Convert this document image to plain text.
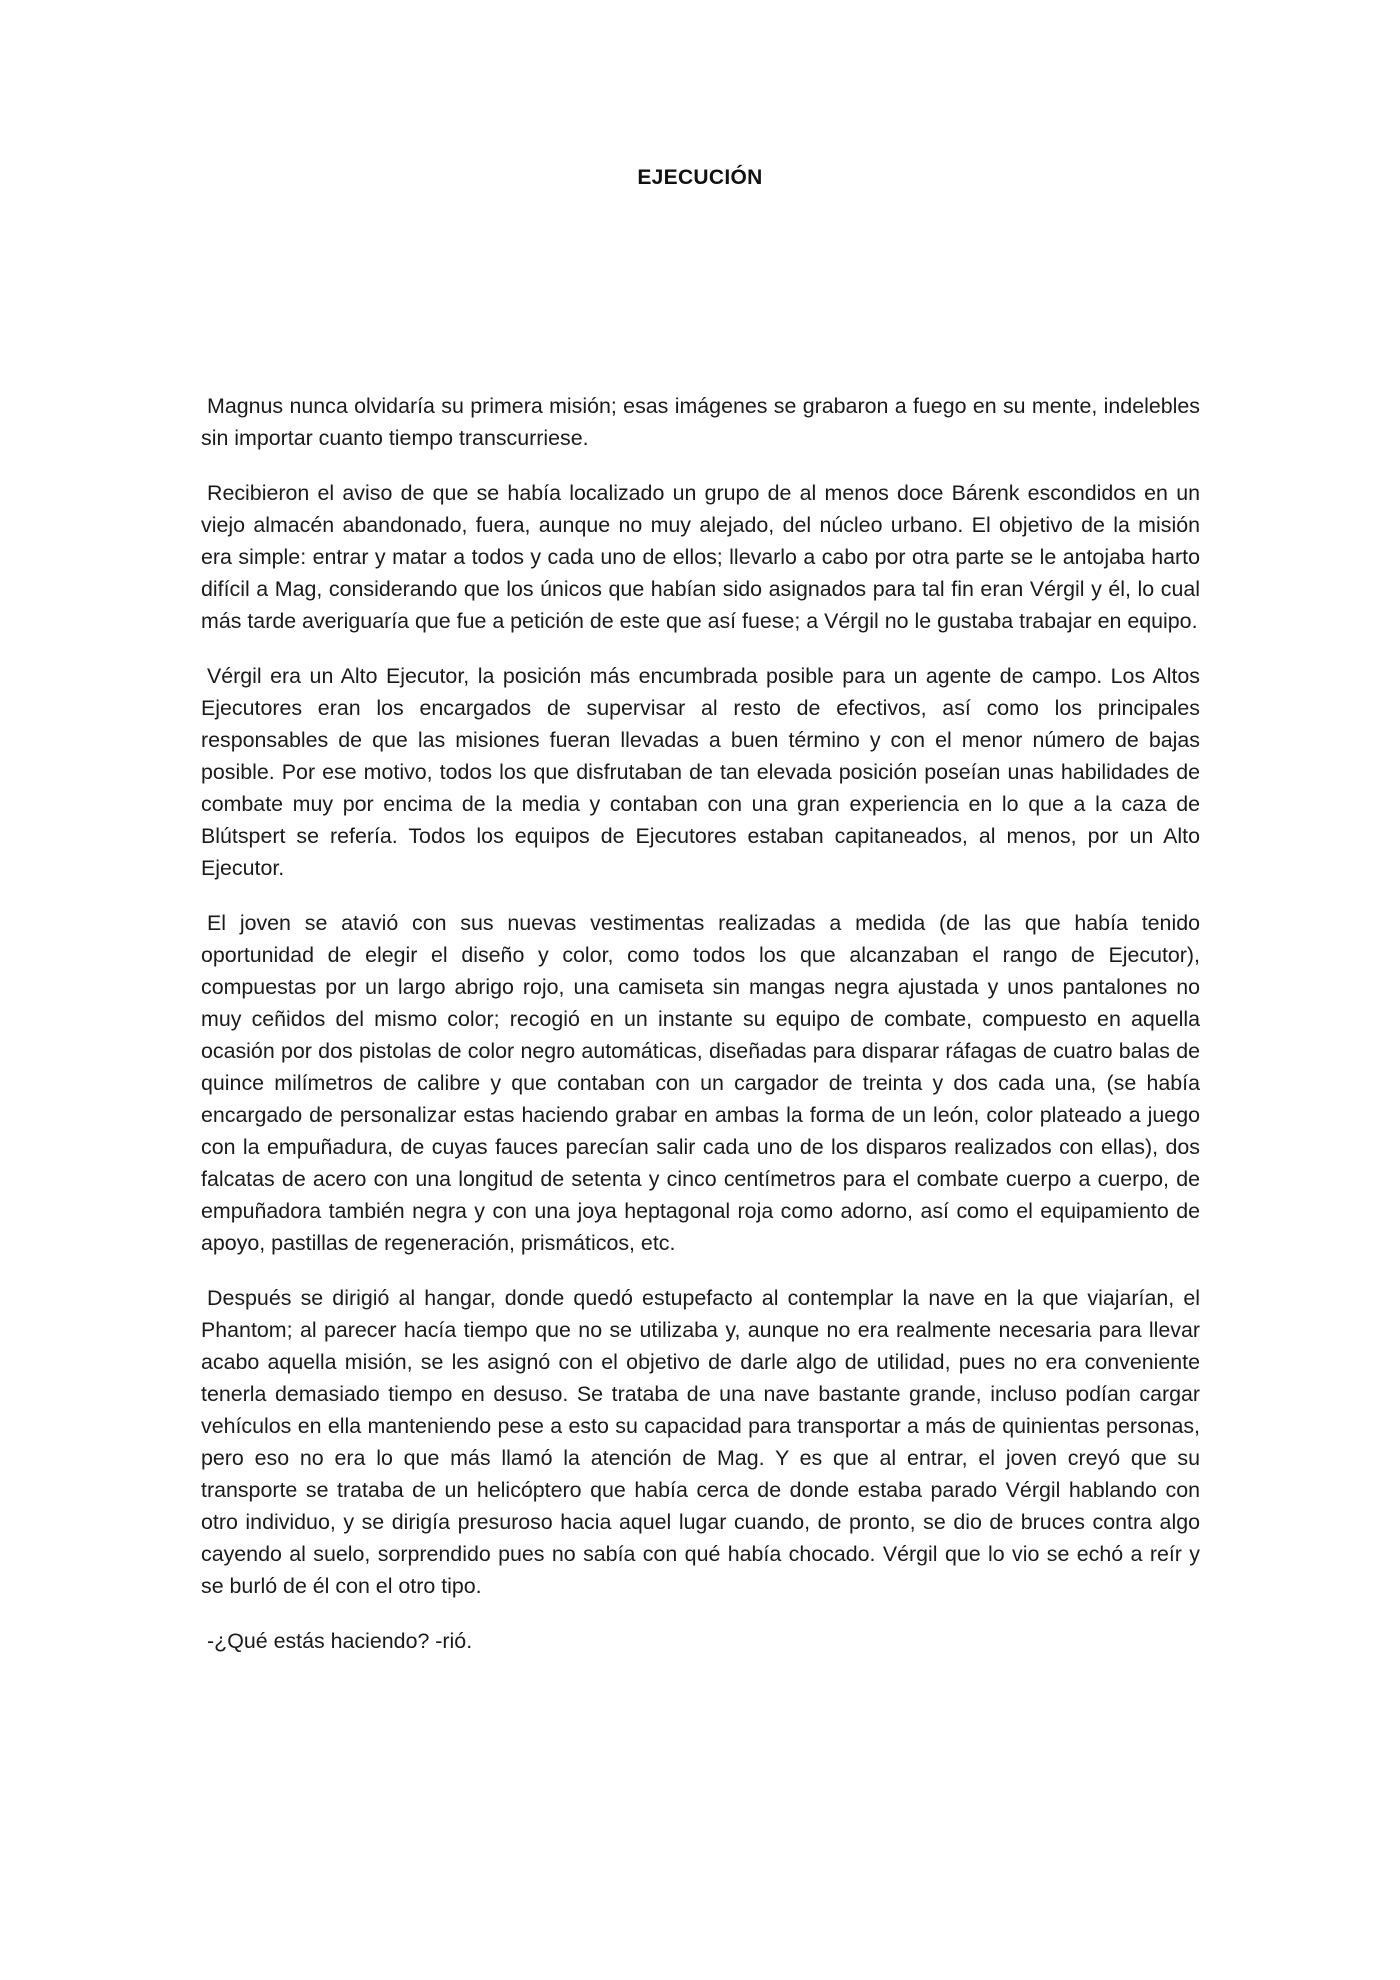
EJECUCIÓN

Magnus nunca olvidaría su primera misión; esas imágenes se grabaron a fuego en su mente, indelebles sin importar cuanto tiempo transcurriese.

Recibieron el aviso de que se había localizado un grupo de al menos doce Bárenk escondidos en un viejo almacén abandonado, fuera, aunque no muy alejado, del núcleo urbano. El objetivo de la misión era simple: entrar y matar a todos y cada uno de ellos; llevarlo a cabo por otra parte se le antojaba harto difícil a Mag, considerando que los únicos que habían sido asignados para tal fin eran Vérgil y él, lo cual más tarde averiguaría que fue a petición de este que así fuese; a Vérgil no le gustaba trabajar en equipo.

Vérgil era un Alto Ejecutor, la posición más encumbrada posible para un agente de campo. Los Altos Ejecutores eran los encargados de supervisar al resto de efectivos, así como los principales responsables de que las misiones fueran llevadas a buen término y con el menor número de bajas posible. Por ese motivo, todos los que disfrutaban de tan elevada posición poseían unas habilidades de combate muy por encima de la media y contaban con una gran experiencia en lo que a la caza de Blútspert se refería. Todos los equipos de Ejecutores estaban capitaneados, al menos, por un Alto Ejecutor.

El joven se atavió con sus nuevas vestimentas realizadas a medida (de las que había tenido oportunidad de elegir el diseño y color, como todos los que alcanzaban el rango de Ejecutor), compuestas por un largo abrigo rojo, una camiseta sin mangas negra ajustada y unos pantalones no muy ceñidos del mismo color; recogió en un instante su equipo de combate, compuesto en aquella ocasión por dos pistolas de color negro automáticas, diseñadas para disparar ráfagas de cuatro balas de quince milímetros de calibre y que contaban con un cargador de treinta y dos cada una, (se había encargado de personalizar estas haciendo grabar en ambas la forma de un león, color plateado a juego con la empuñadura, de cuyas fauces parecían salir cada uno de los disparos realizados con ellas), dos falcatas de acero con una longitud de setenta y cinco centímetros para el combate cuerpo a cuerpo, de empuñadora también negra y con una joya heptagonal roja como adorno, así como el equipamiento de apoyo, pastillas de regeneración, prismáticos, etc.

Después se dirigió al hangar, donde quedó estupefacto al contemplar la nave en la que viajarían, el Phantom; al parecer hacía tiempo que no se utilizaba y, aunque no era realmente necesaria para llevar acabo aquella misión, se les asignó con el objetivo de darle algo de utilidad, pues no era conveniente tenerla demasiado tiempo en desuso. Se trataba de una nave bastante grande, incluso podían cargar vehículos en ella manteniendo pese a esto su capacidad para transportar a más de quinientas personas, pero eso no era lo que más llamó la atención de Mag. Y es que al entrar, el joven creyó que su transporte se trataba de un helicóptero que había cerca de donde estaba parado Vérgil hablando con otro individuo, y se dirigía presuroso hacia aquel lugar cuando, de pronto, se dio de bruces contra algo cayendo al suelo, sorprendido pues no sabía con qué había chocado. Vérgil que lo vio se echó a reír y se burló de él con el otro tipo.

-¿Qué estás haciendo? -rió.
